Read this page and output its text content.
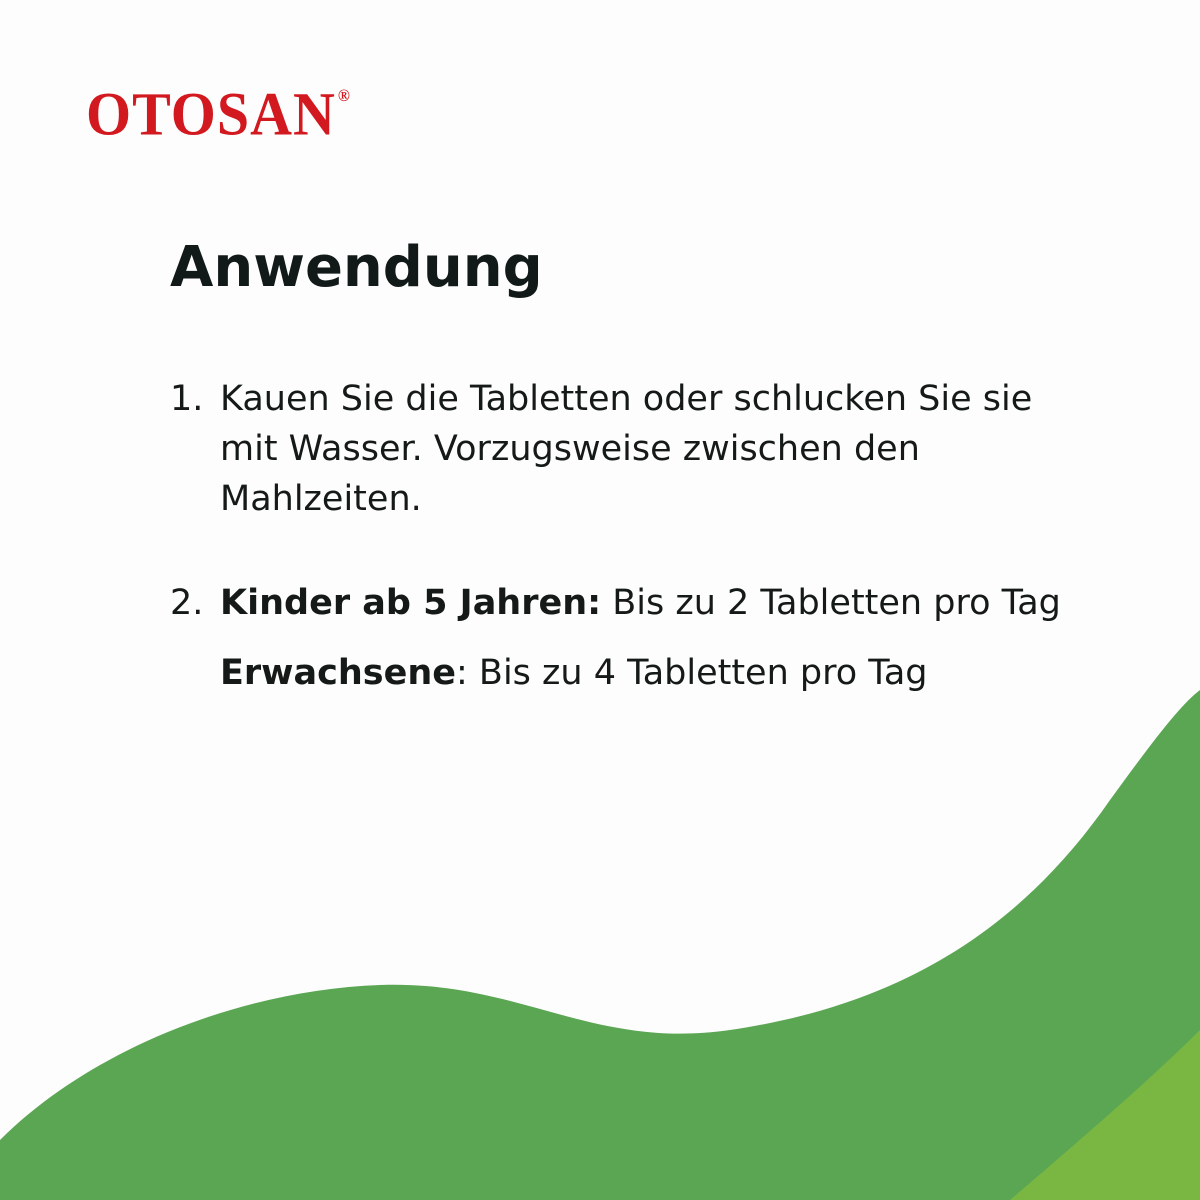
OTOSAN ®
Anwendung
1. Kauen Sie die Tabletten oder schlucken Sie sie mit Wasser. Vorzugsweise zwischen den Mahlzeiten.
2. Kinder ab 5 Jahren: Bis zu 2 Tabletten pro Tag
Erwachsene: Bis zu 4 Tabletten pro Tag
